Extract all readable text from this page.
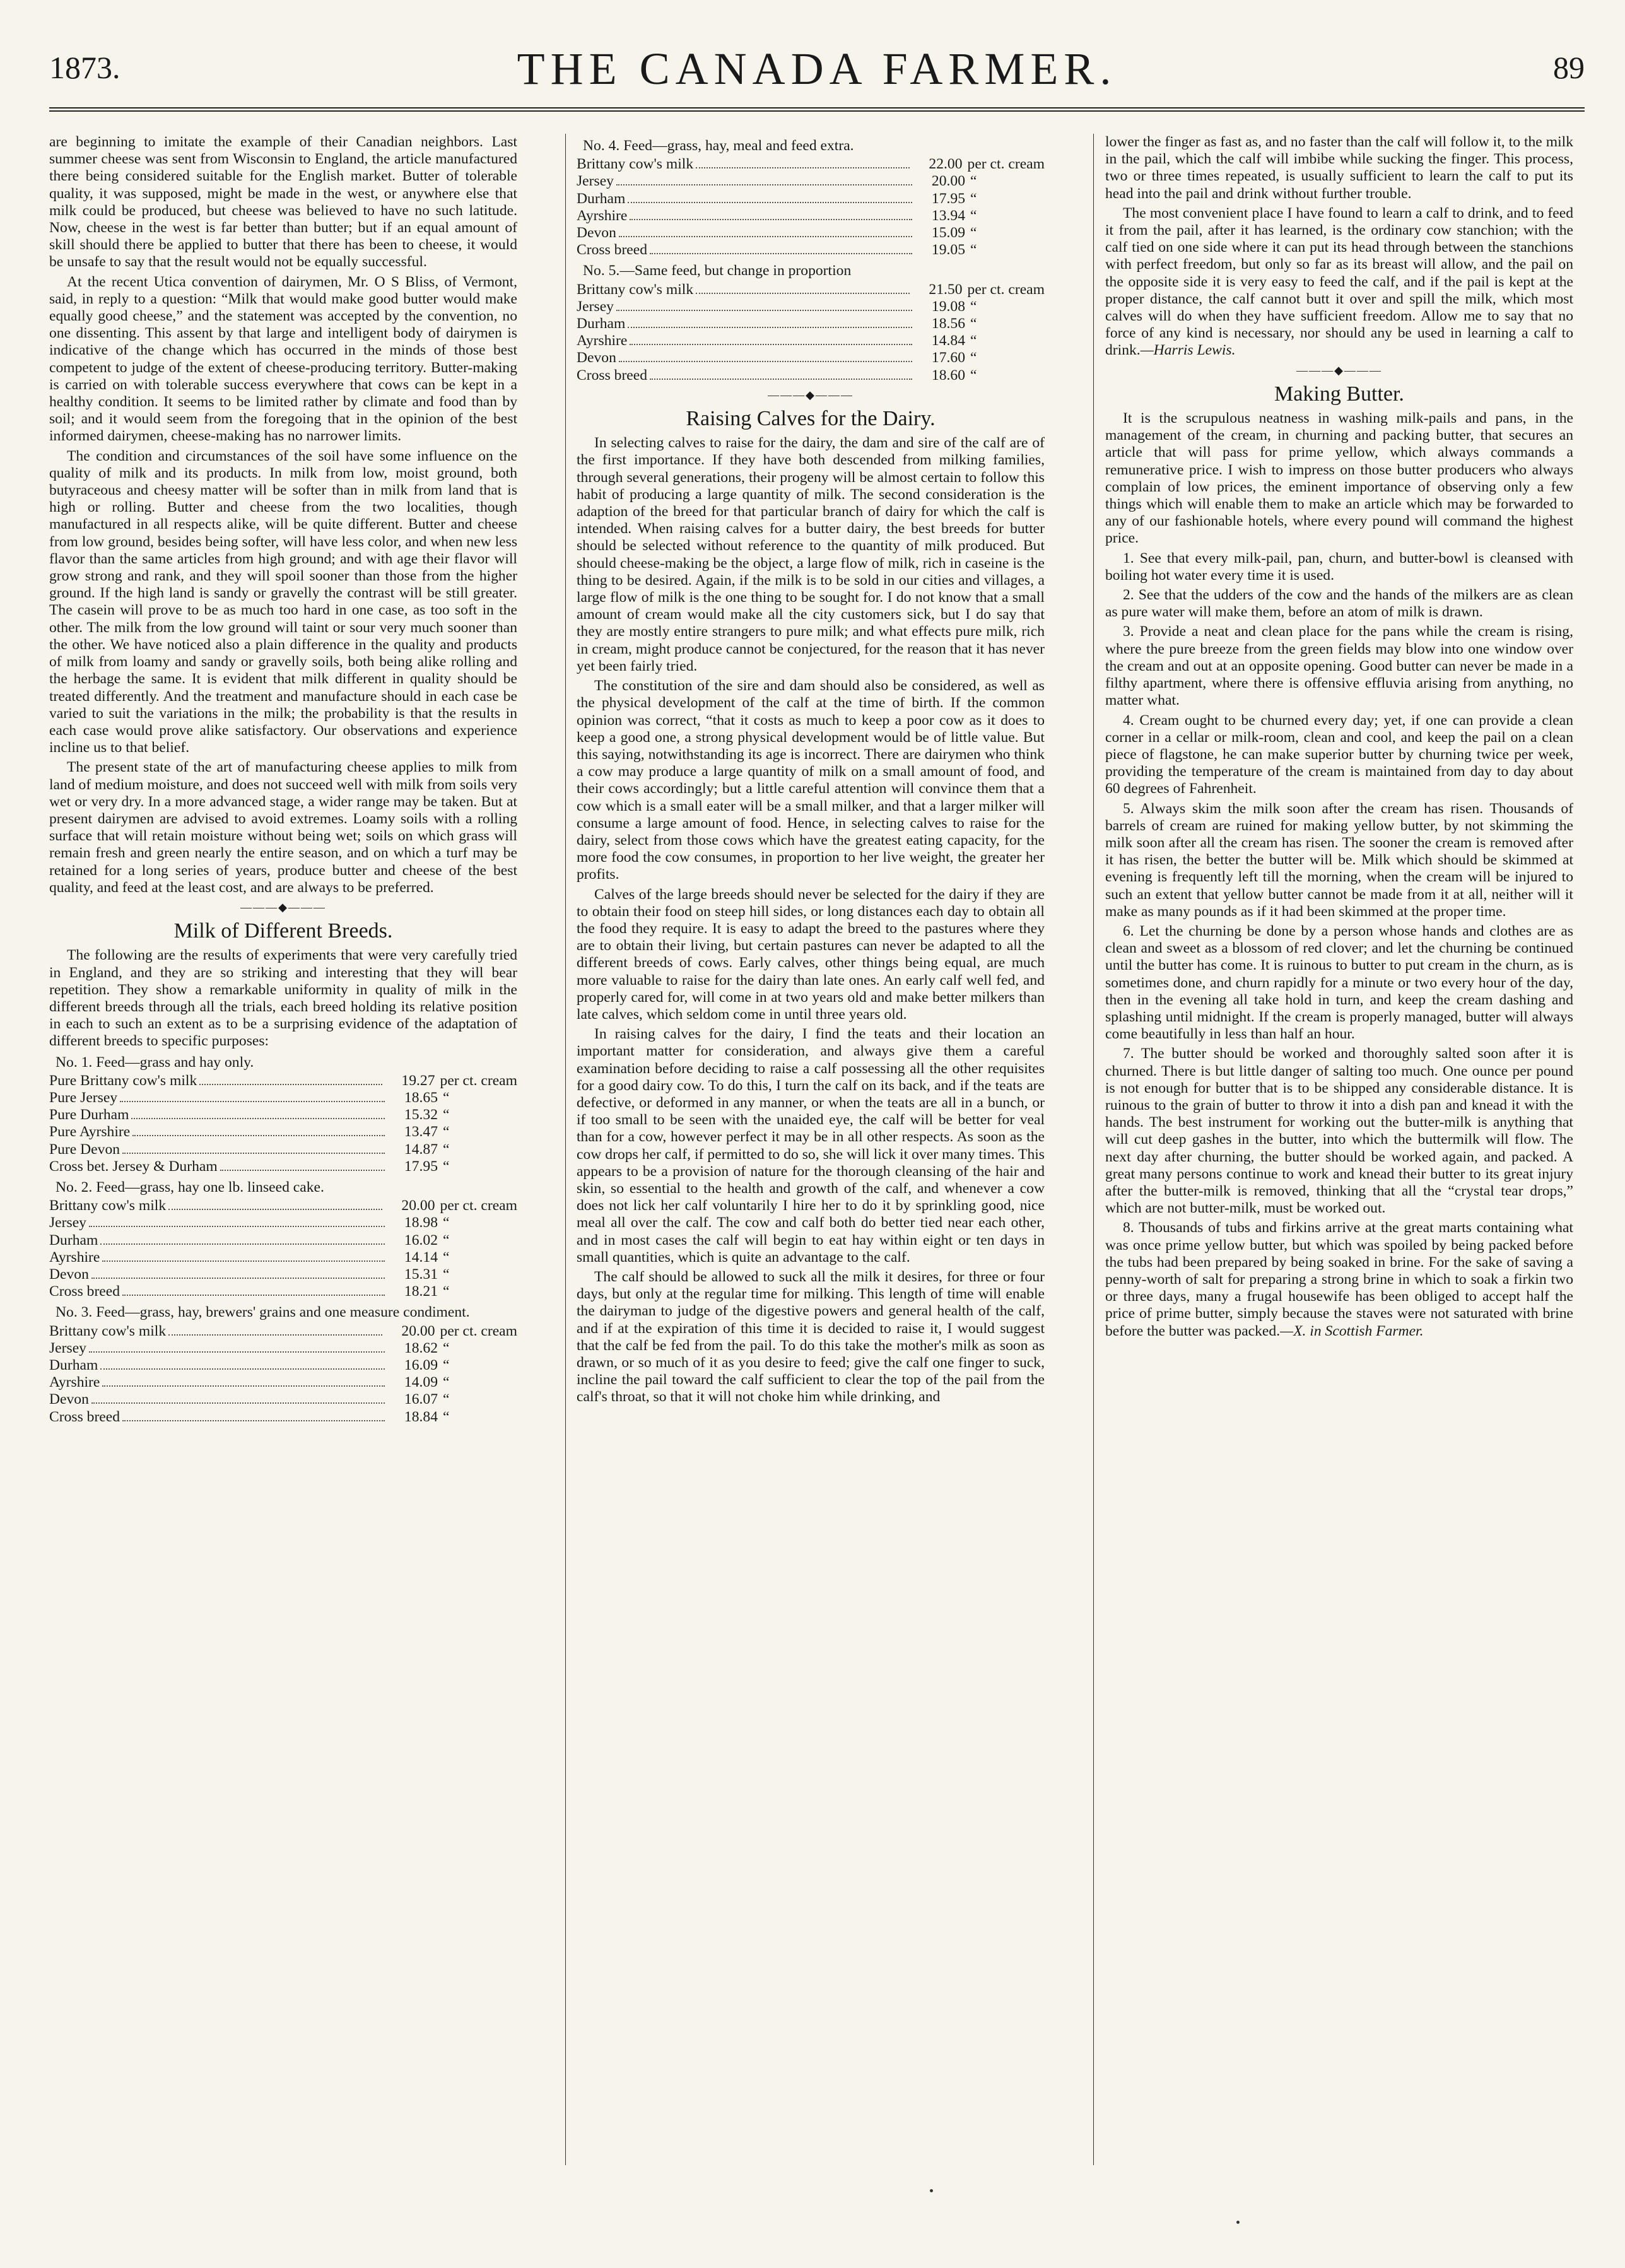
1873.	THE CANADA FARMER.	89

are beginning to imitate the example of their Canadian neighbors. Last summer cheese was sent from Wisconsin to England, the article manufactured there being considered suitable for the English market. Butter of tolerable quality, it was supposed, might be made in the west, or anywhere else that milk could be produced, but cheese was believed to have no such latitude. Now, cheese in the west is far better than butter; but if an equal amount of skill should there be applied to butter that there has been to cheese, it would be unsafe to say that the result would not be equally successful.

At the recent Utica convention of dairymen, Mr. O S Bliss, of Vermont, said, in reply to a question: “Milk that would make good butter would make equally good cheese,” and the statement was accepted by the convention, no one dissenting. This assent by that large and intelligent body of dairymen is indicative of the change which has occurred in the minds of those best competent to judge of the extent of cheese-producing territory. Butter-making is carried on with tolerable success everywhere that cows can be kept in a healthy condition. It seems to be limited rather by climate and food than by soil; and it would seem from the foregoing that in the opinion of the best informed dairymen, cheese-making has no narrower limits.

The condition and circumstances of the soil have some influence on the quality of milk and its products. In milk from low, moist ground, both butyraceous and cheesy matter will be softer than in milk from land that is high or rolling. Butter and cheese from the two localities, though manufactured in all respects alike, will be quite different. Butter and cheese from low ground, besides being softer, will have less color, and when new less flavor than the same articles from high ground; and with age their flavor will grow strong and rank, and they will spoil sooner than those from the higher ground. If the high land is sandy or gravelly the contrast will be still greater. The casein will prove to be as much too hard in one case, as too soft in the other. The milk from the low ground will taint or sour very much sooner than the other. We have noticed also a plain difference in the quality and products of milk from loamy and sandy or gravelly soils, both being alike rolling and the herbage the same. It is evident that milk different in quality should be treated differently. And the treatment and manufacture should in each case be varied to suit the variations in the milk; the probability is that the results in each case would prove alike satisfactory. Our observations and experience incline us to that belief.

The present state of the art of manufacturing cheese applies to milk from land of medium moisture, and does not succeed well with milk from soils very wet or very dry. In a more advanced stage, a wider range may be taken. But at present dairymen are advised to avoid extremes. Loamy soils with a rolling surface that will retain moisture without being wet; soils on which grass will remain fresh and green nearly the entire season, and on which a turf may be retained for a long series of years, produce butter and cheese of the best quality, and feed at the least cost, and are always to be preferred.

———◆———
Milk of Different Breeds.

The following are the results of experiments that were very carefully tried in England, and they are so striking and interesting that they will bear repetition. They show a remarkable uniformity in quality of milk in the different breeds through all the trials, each breed holding its relative position in each to such an extent as to be a surprising evidence of the adaptation of different breeds to specific purposes:

No. 1. Feed—grass and hay only.

Pure Brittany cow's milk	19.27 per ct. cream
Pure Jersey	18.65 “
Pure Durham	15.32 “
Pure Ayrshire	13.47 “
Pure Devon	14.87 “
Cross bet. Jersey & Durham	17.95 “

No. 2. Feed—grass, hay one lb. linseed cake.

Brittany cow's milk	20.00 per ct. cream
Jersey	18.98 “
Durham	16.02 “
Ayrshire	14.14 “
Devon	15.31 “
Cross breed	18.21 “

No. 3. Feed—grass, hay, brewers' grains and one measure condiment.

Brittany cow's milk	20.00 per ct. cream
Jersey	18.62 “
Durham	16.09 “
Ayrshire	14.09 “
Devon	16.07 “
Cross breed	18.84 “

No. 4. Feed—grass, hay, meal and feed extra.

Brittany cow's milk	22.00 per ct. cream
Jersey	20.00 “
Durham	17.95 “
Ayrshire	13.94 “
Devon	15.09 “
Cross breed	19.05 “

No. 5.—Same feed, but change in proportion

Brittany cow's milk	21.50 per ct. cream
Jersey	19.08 “
Durham	18.56 “
Ayrshire	14.84 “
Devon	17.60 “
Cross breed	18.60 “
———◆———
Raising Calves for the Dairy.

In selecting calves to raise for the dairy, the dam and sire of the calf are of the first importance. If they have both descended from milking families, through several generations, their progeny will be almost certain to follow this habit of producing a large quantity of milk. The second consideration is the adaption of the breed for that particular branch of dairy for which the calf is intended. When raising calves for a butter dairy, the best breeds for butter should be selected without reference to the quantity of milk produced. But should cheese-making be the object, a large flow of milk, rich in caseine is the thing to be desired. Again, if the milk is to be sold in our cities and villages, a large flow of milk is the one thing to be sought for. I do not know that a small amount of cream would make all the city customers sick, but I do say that they are mostly entire strangers to pure milk; and what effects pure milk, rich in cream, might produce cannot be conjectured, for the reason that it has never yet been fairly tried.

The constitution of the sire and dam should also be considered, as well as the physical development of the calf at the time of birth. If the common opinion was correct, “that it costs as much to keep a poor cow as it does to keep a good one, a strong physical development would be of little value. But this saying, notwithstanding its age is incorrect. There are dairymen who think a cow may produce a large quantity of milk on a small amount of food, and their cows accordingly; but a little careful attention will convince them that a cow which is a small eater will be a small milker, and that a larger milker will consume a large amount of food. Hence, in selecting calves to raise for the dairy, select from those cows which have the greatest eating capacity, for the more food the cow consumes, in proportion to her live weight, the greater her profits.

Calves of the large breeds should never be selected for the dairy if they are to obtain their food on steep hill sides, or long distances each day to obtain all the food they require. It is easy to adapt the breed to the pastures where they are to obtain their living, but certain pastures can never be adapted to all the different breeds of cows. Early calves, other things being equal, are much more valuable to raise for the dairy than late ones. An early calf well fed, and properly cared for, will come in at two years old and make better milkers than late calves, which seldom come in until three years old.

In raising calves for the dairy, I find the teats and their location an important matter for consideration, and always give them a careful examination before deciding to raise a calf possessing all the other requisites for a good dairy cow. To do this, I turn the calf on its back, and if the teats are defective, or deformed in any manner, or when the teats are all in a bunch, or if too small to be seen with the unaided eye, the calf will be better for veal than for a cow, however perfect it may be in all other respects. As soon as the cow drops her calf, if permitted to do so, she will lick it over many times. This appears to be a provision of nature for the thorough cleansing of the hair and skin, so essential to the health and growth of the calf, and whenever a cow does not lick her calf voluntarily I hire her to do it by sprinkling good, nice meal all over the calf. The cow and calf both do better tied near each other, and in most cases the calf will begin to eat hay within eight or ten days in small quantities, which is quite an advantage to the calf.

The calf should be allowed to suck all the milk it desires, for three or four days, but only at the regular time for milking. This length of time will enable the dairyman to judge of the digestive powers and general health of the calf, and if at the expiration of this time it is decided to raise it, I would suggest that the calf be fed from the pail. To do this take the mother's milk as soon as drawn, or so much of it as you desire to feed; give the calf one finger to suck, incline the pail toward the calf sufficient to clear the top of the pail from the calf's throat, so that it will not choke him while drinking, and

lower the finger as fast as, and no faster than the calf will follow it, to the milk in the pail, which the calf will imbibe while sucking the finger. This process, two or three times repeated, is usually sufficient to learn the calf to put its head into the pail and drink without further trouble.

The most convenient place I have found to learn a calf to drink, and to feed it from the pail, after it has learned, is the ordinary cow stanchion; with the calf tied on one side where it can put its head through between the stanchions with perfect freedom, but only so far as its breast will allow, and the pail on the opposite side it is very easy to feed the calf, and if the pail is kept at the proper distance, the calf cannot butt it over and spill the milk, which most calves will do when they have sufficient freedom. Allow me to say that no force of any kind is necessary, nor should any be used in learning a calf to drink.—Harris Lewis.

———◆———
Making Butter.

It is the scrupulous neatness in washing milk-pails and pans, in the management of the cream, in churning and packing butter, that secures an article that will pass for prime yellow, which always commands a remunerative price. I wish to impress on those butter producers who always complain of low prices, the eminent importance of observing only a few things which will enable them to make an article which may be forwarded to any of our fashionable hotels, where every pound will command the highest price.

1. See that every milk-pail, pan, churn, and butter-bowl is cleansed with boiling hot water every time it is used.

2. See that the udders of the cow and the hands of the milkers are as clean as pure water will make them, before an atom of milk is drawn.

3. Provide a neat and clean place for the pans while the cream is rising, where the pure breeze from the green fields may blow into one window over the cream and out at an opposite opening. Good butter can never be made in a filthy apartment, where there is offensive effluvia arising from anything, no matter what.

4. Cream ought to be churned every day; yet, if one can provide a clean corner in a cellar or milk-room, clean and cool, and keep the pail on a clean piece of flagstone, he can make superior butter by churning twice per week, providing the temperature of the cream is maintained from day to day about 60 degrees of Fahrenheit.

5. Always skim the milk soon after the cream has risen. Thousands of barrels of cream are ruined for making yellow butter, by not skimming the milk soon after all the cream has risen. The sooner the cream is removed after it has risen, the better the butter will be. Milk which should be skimmed at evening is frequently left till the morning, when the cream will be injured to such an extent that yellow butter cannot be made from it at all, neither will it make as many pounds as if it had been skimmed at the proper time.

6. Let the churning be done by a person whose hands and clothes are as clean and sweet as a blossom of red clover; and let the churning be continued until the butter has come. It is ruinous to butter to put cream in the churn, as is sometimes done, and churn rapidly for a minute or two every hour of the day, then in the evening all take hold in turn, and keep the cream dashing and splashing until midnight. If the cream is properly managed, butter will always come beautifully in less than half an hour.

7. The butter should be worked and thoroughly salted soon after it is churned. There is but little danger of salting too much. One ounce per pound is not enough for butter that is to be shipped any considerable distance. It is ruinous to the grain of butter to throw it into a dish pan and knead it with the hands. The best instrument for working out the butter-milk is anything that will cut deep gashes in the butter, into which the buttermilk will flow. The next day after churning, the butter should be worked again, and packed. A great many persons continue to work and knead their butter to its great injury after the butter-milk is removed, thinking that all the “crystal tear drops,” which are not butter-milk, must be worked out.

8. Thousands of tubs and firkins arrive at the great marts containing what was once prime yellow butter, but which was spoiled by being packed before the tubs had been prepared by being soaked in brine. For the sake of saving a penny-worth of salt for preparing a strong brine in which to soak a firkin two or three days, many a frugal housewife has been obliged to accept half the price of prime butter, simply because the staves were not saturated with brine before the butter was packed.—X. in Scottish Farmer.
